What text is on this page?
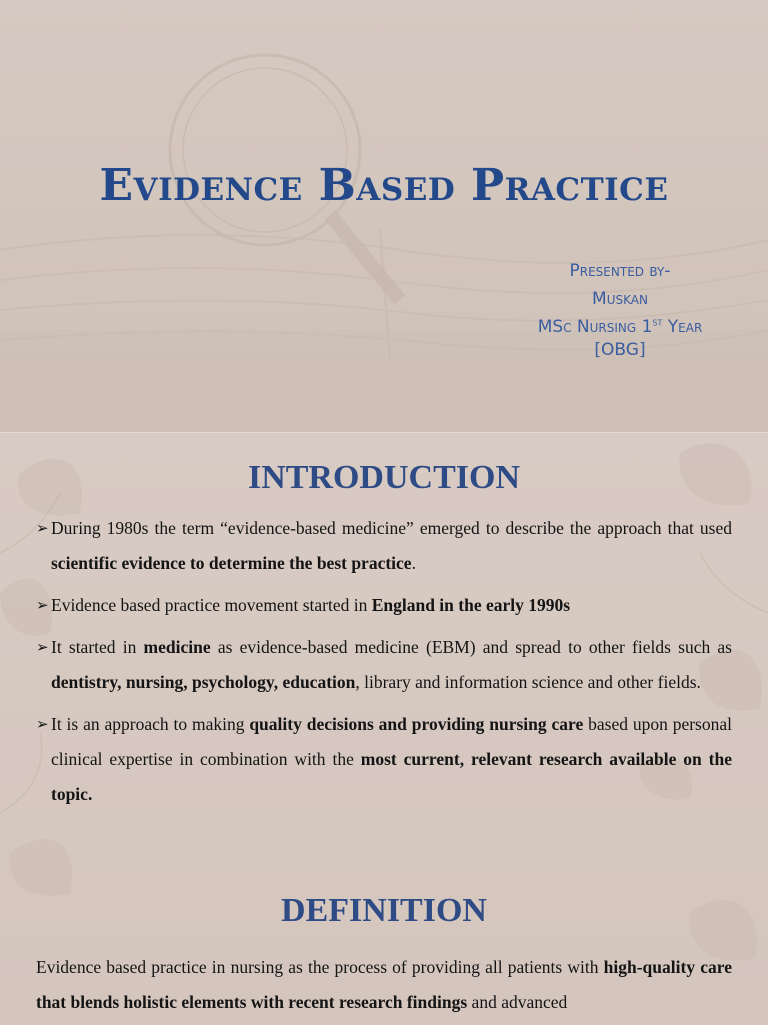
Evidence Based Practice
Presented by-
Muskan
MSc Nursing 1st Year
[OBG]
INTRODUCTION
➢ During 1980s the term “evidence-based medicine” emerged to describe the approach that used scientific evidence to determine the best practice.
➢ Evidence based practice movement started in England in the early 1990s
➢ It started in medicine as evidence-based medicine (EBM) and spread to other fields such as dentistry, nursing, psychology, education, library and information science and other fields.
➢ It is an approach to making quality decisions and providing nursing care based upon personal clinical expertise in combination with the most current, relevant research available on the topic.
DEFINITION
Evidence based practice in nursing as the process of providing all patients with high-quality care that blends holistic elements with recent research findings and advanced
